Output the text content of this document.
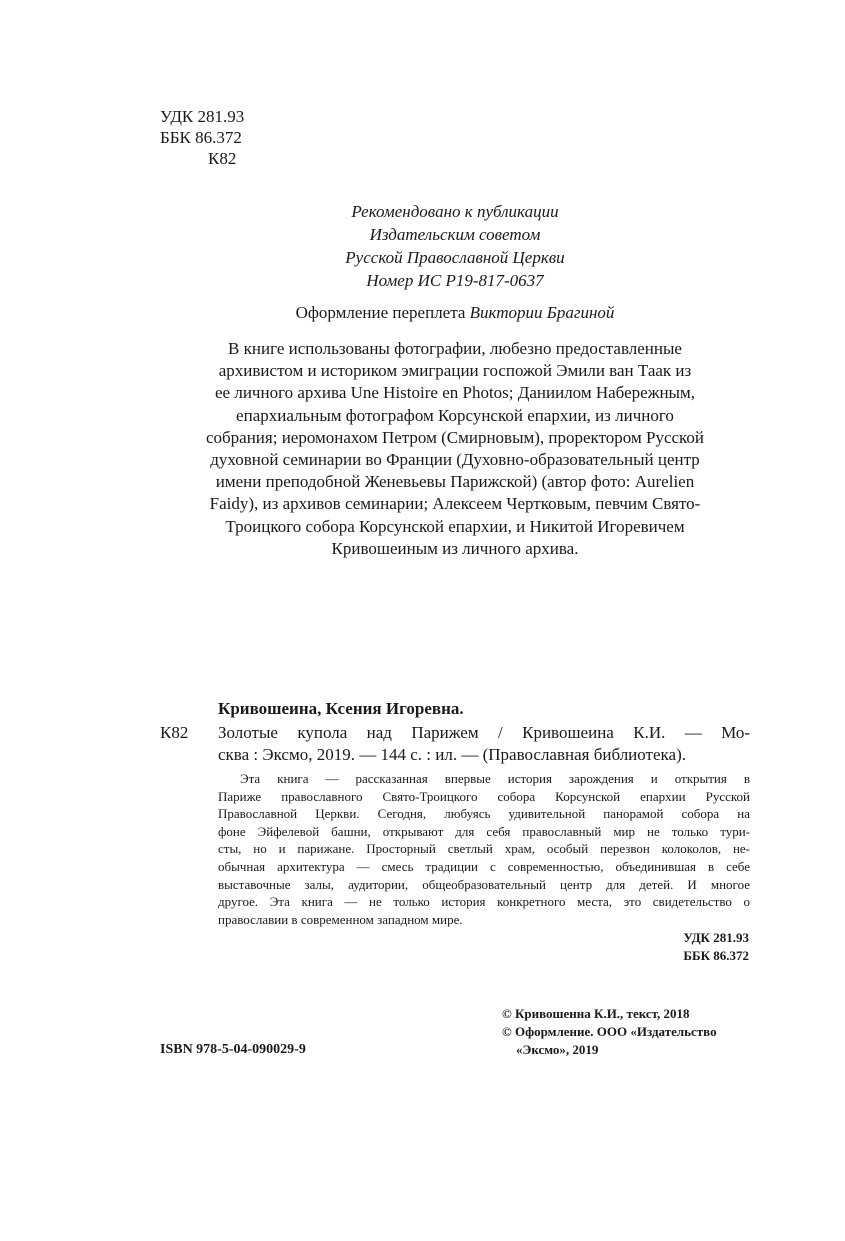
УДК 281.93
ББК 86.372
К82
Рекомендовано к публикации
Издательским советом
Русской Православной Церкви
Номер ИС Р19-817-0637
Оформление переплета Виктории Брагиной
В книге использованы фотографии, любезно предоставленные
архивистом и историком эмиграции госпожой Эмили ван Таак из
ее личного архива Une Histoire en Photos; Даниилом Набережным,
епархиальным фотографом Корсунской епархии, из личного
собрания; иеромонахом Петром (Смирновым), проректором Русской
духовной семинарии во Франции (Духовно-образовательный центр
имени преподобной Женевьевы Парижской) (автор фото: Aurelien
Faidy), из архивов семинарии; Алексеем Чертковым, певчим Свято-
Троицкого собора Корсунской епархии, и Никитой Игоревичем
Кривошеиным из личного архива.
Кривошеина, Ксения Игоревна.
К82 Золотые купола над Парижем / Кривошеина К.И. — Мо-
сква : Эксмо, 2019. — 144 с. : ил. — (Православная библиотека).
Эта книга — рассказанная впервые история зарождения и открытия в
Париже православного Свято-Троицкого собора Корсунской епархии Русской
Православной Церкви. Сегодня, любуясь удивительной панорамой собора на
фоне Эйфелевой башни, открывают для себя православный мир не только тури-
сты, но и парижане. Просторный светлый храм, особый перезвон колоколов, не-
обычная архитектура — смесь традиции с современностью, объединившая в себе
выставочные залы, аудитории, общеобразовательный центр для детей. И многое
другое. Эта книга — не только история конкретного места, это свидетельство о
православии в современном западном мире.
УДК 281.93
ББК 86.372
© Кривошенна К.И., текст, 2018
© Оформление. ООО «Издательство
«Эксмо», 2019
ISBN 978-5-04-090029-9
